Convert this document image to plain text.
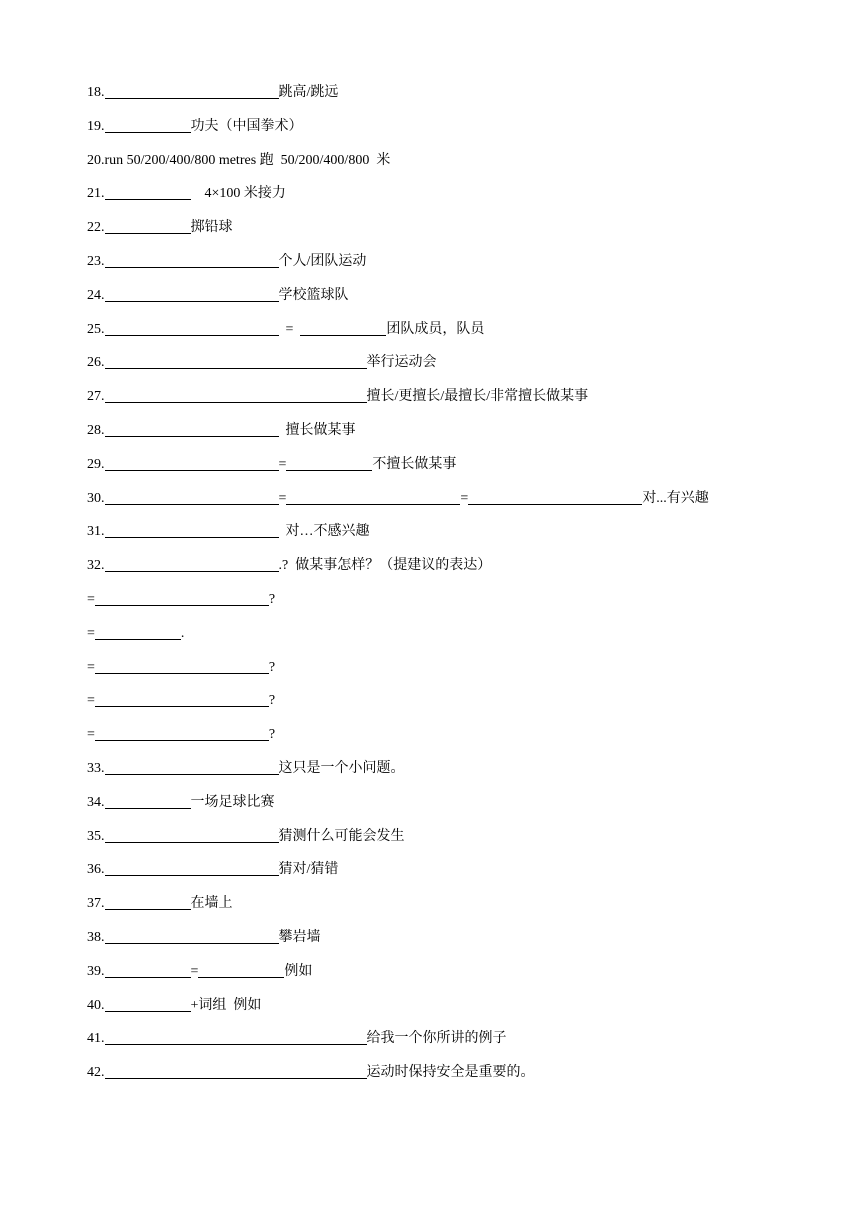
18.	跳高/跳远
19.	功夫（中国拳术）
20.run 50/200/400/800 metres 跑  50/200/400/800  米
21.	4×100 米接力
22.	掷铅球
23.	个人/团队运动
24.	学校篮球队
25.	=	团队成员，队员
26.	举行运动会
27.	擅长/更擅长/最擅长/非常擅长做某事
28.	擅长做某事
29.	=	不擅长做某事
30.	=	=	对...有兴趣
31.	对…不感兴趣
32.	.?  做某事怎样？（提建议的表达）
=	?
=	.
=	?
=	?
=	?
33.	这只是一个小问题。
34.	一场足球比赛
35.	猜测什么可能会发生
36.	猜对/猜错
37.	在墙上
38.	攀岩墙
39.	=	例如
40.	+词组  例如
41.	给我一个你所讲的例子
42.	运动时保持安全是重要的。
